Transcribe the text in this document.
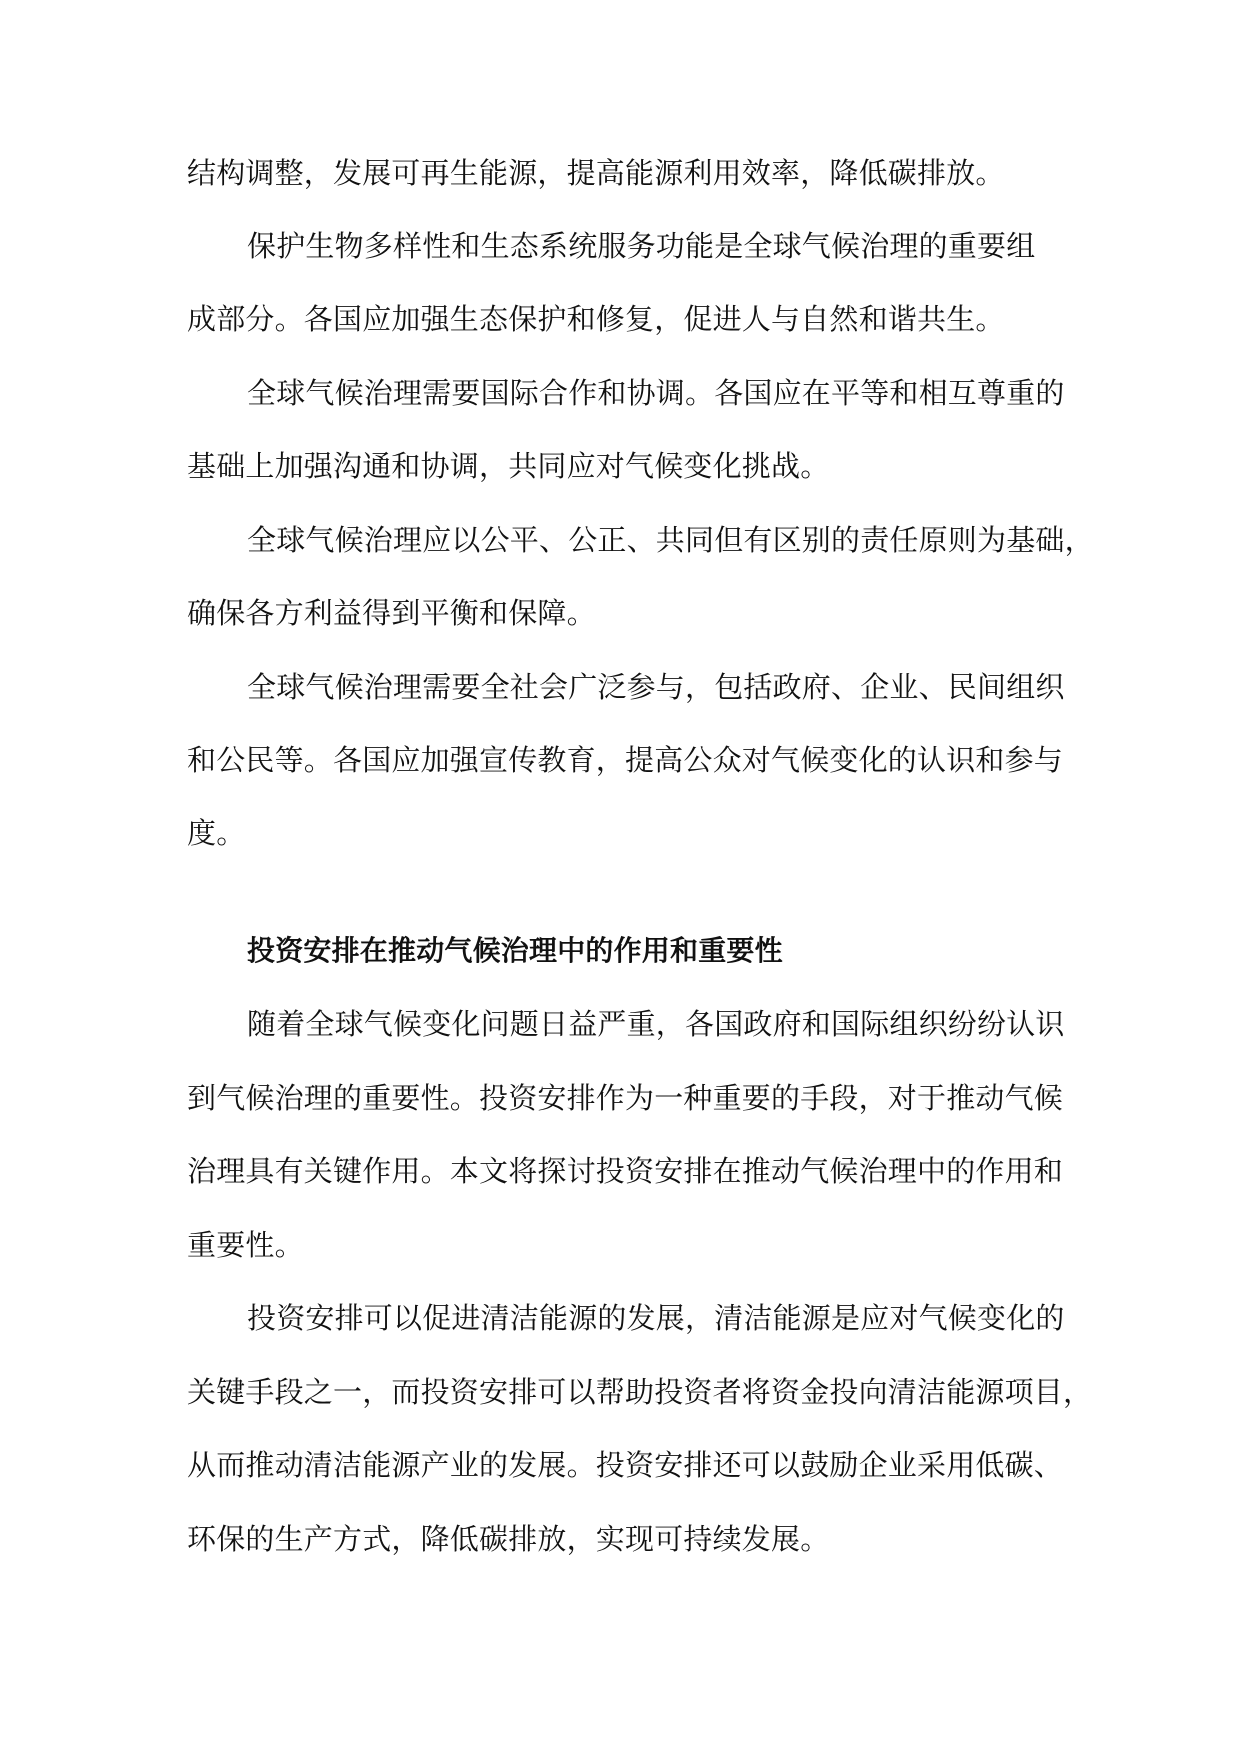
结构调整，发展可再生能源，提高能源利用效率，降低碳排放。
保护生物多样性和生态系统服务功能是全球气候治理的重要组
成部分。各国应加强生态保护和修复，促进人与自然和谐共生。
全球气候治理需要国际合作和协调。各国应在平等和相互尊重的
基础上加强沟通和协调，共同应对气候变化挑战。
全球气候治理应以公平、公正、共同但有区别的责任原则为基础，
确保各方利益得到平衡和保障。
全球气候治理需要全社会广泛参与，包括政府、企业、民间组织
和公民等。各国应加强宣传教育，提高公众对气候变化的认识和参与
度。
投资安排在推动气候治理中的作用和重要性
随着全球气候变化问题日益严重，各国政府和国际组织纷纷认识
到气候治理的重要性。投资安排作为一种重要的手段，对于推动气候
治理具有关键作用。本文将探讨投资安排在推动气候治理中的作用和
重要性。
投资安排可以促进清洁能源的发展，清洁能源是应对气候变化的
关键手段之一，而投资安排可以帮助投资者将资金投向清洁能源项目，
从而推动清洁能源产业的发展。投资安排还可以鼓励企业采用低碳、
环保的生产方式，降低碳排放，实现可持续发展。
